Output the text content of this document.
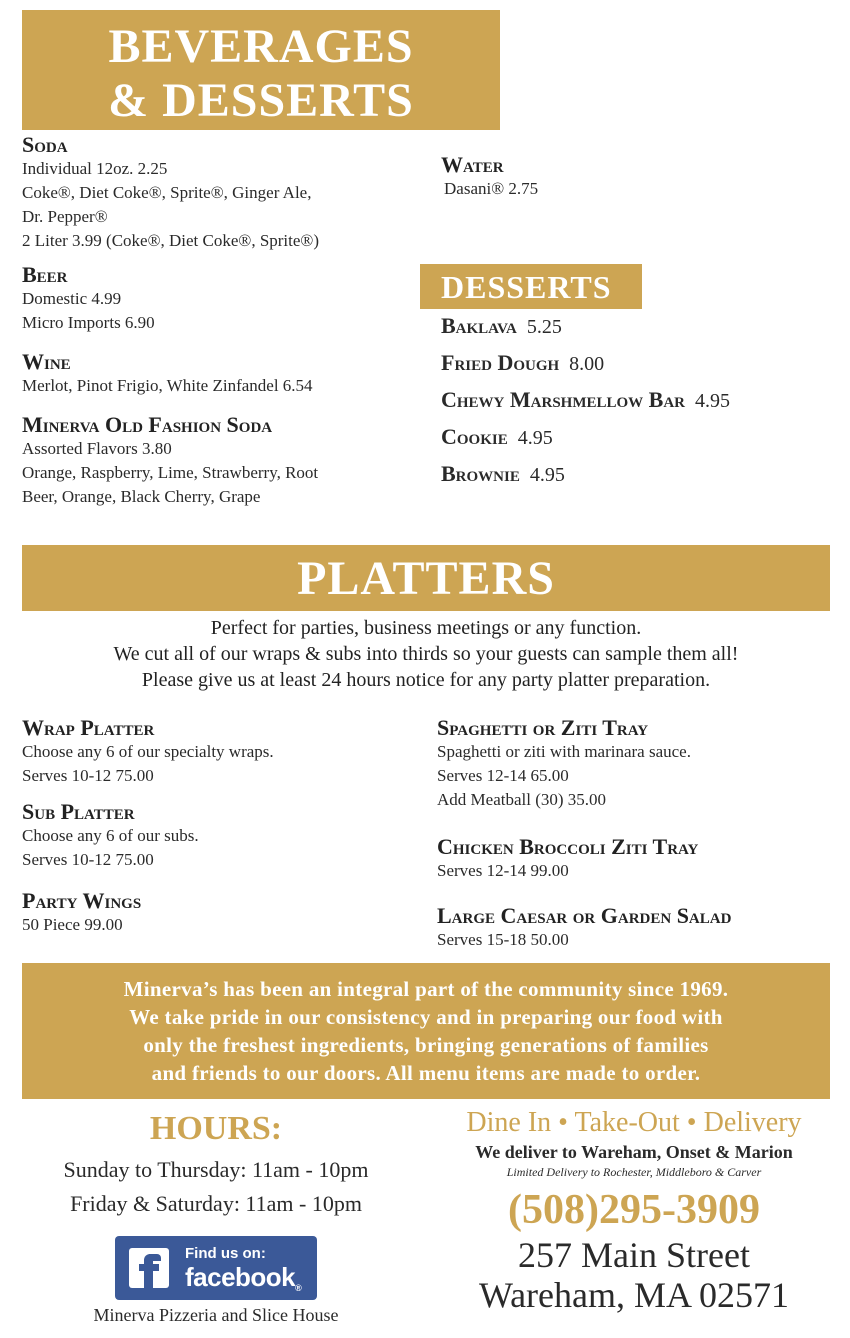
BEVERAGES
& DESSERTS
Soda
Individual 12oz. 2.25
Coke®, Diet Coke®, Sprite®, Ginger Ale,
Dr. Pepper®
2 Liter 3.99 (Coke®, Diet Coke®, Sprite®)
Beer
Domestic 4.99
Micro Imports 6.90
Wine
Merlot, Pinot Frigio, White Zinfandel 6.54
Minerva Old Fashion Soda
Assorted Flavors 3.80
Orange, Raspberry, Lime, Strawberry, Root
Beer, Orange, Black Cherry, Grape
Water
Dasani® 2.75
DESSERTS
Baklava 5.25
Fried Dough 8.00
Chewy Marshmellow Bar 4.95
Cookie 4.95
Brownie 4.95
PLATTERS
Perfect for parties, business meetings or any function.
We cut all of our wraps & subs into thirds so your guests can sample them all!
Please give us at least 24 hours notice for any party platter preparation.
Wrap Platter
Choose any 6 of our specialty wraps.
Serves 10-12 75.00
Sub Platter
Choose any 6 of our subs.
Serves 10-12 75.00
Party Wings
50 Piece 99.00
Spaghetti or Ziti Tray
Spaghetti or ziti with marinara sauce.
Serves 12-14 65.00
Add Meatball (30) 35.00
Chicken Broccoli Ziti Tray
Serves 12-14 99.00
Large Caesar or Garden Salad
Serves 15-18 50.00
Minerva’s has been an integral part of the community since 1969.
We take pride in our consistency and in preparing our food with
only the freshest ingredients, bringing generations of families
and friends to our doors. All menu items are made to order.
HOURS:
Sunday to Thursday: 11am - 10pm
Friday & Saturday: 11am - 10pm
Find us on:
facebook®
Minerva Pizzeria and Slice House
Dine In • Take-Out • Delivery
We deliver to Wareham, Onset & Marion
Limited Delivery to Rochester, Middleboro & Carver
(508)295-3909
257 Main Street
Wareham, MA 02571
